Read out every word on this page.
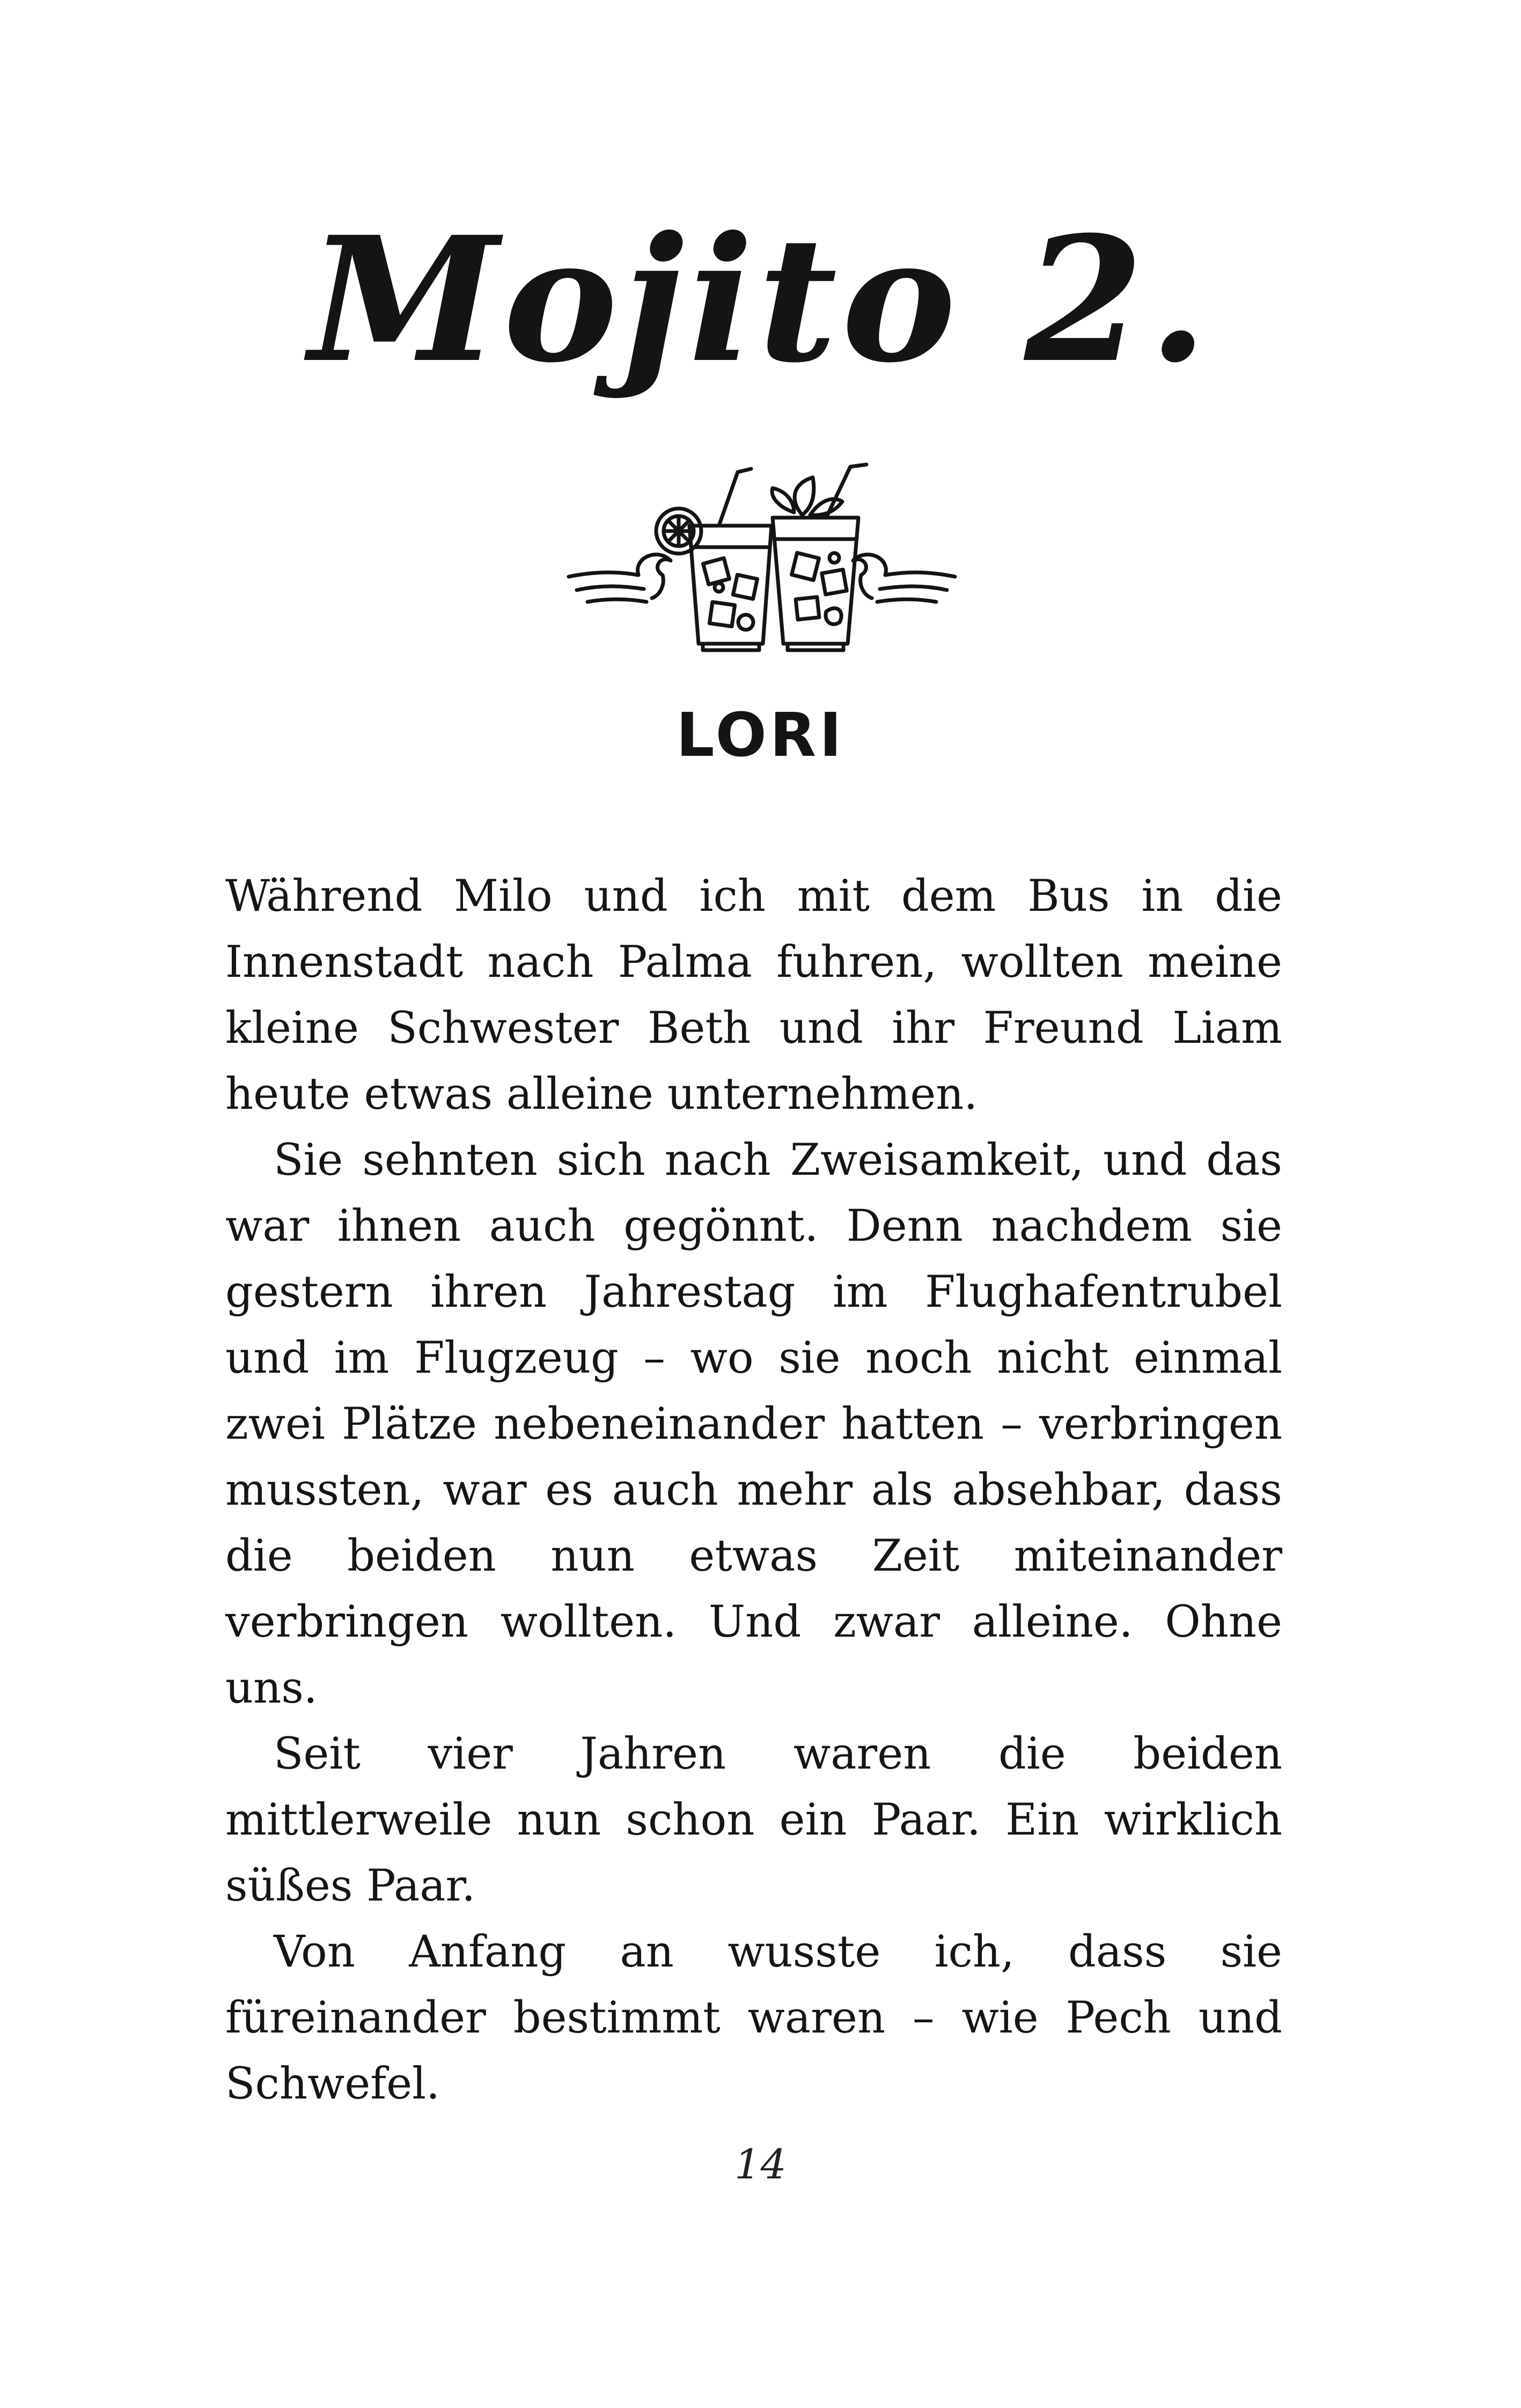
Mojito 2.
LORI

Während Milo und ich mit dem Bus in die Innenstadt nach Palma fuhren, wollten meine kleine Schwester Beth und ihr Freund Liam heute etwas alleine unternehmen.

Sie sehnten sich nach Zweisamkeit, und das war ihnen auch gegönnt. Denn nachdem sie gestern ihren Jahrestag im Flughafentrubel und im Flugzeug – wo sie noch nicht einmal zwei Plätze nebeneinander hatten – verbringen mussten, war es auch mehr als absehbar, dass die beiden nun etwas Zeit miteinander verbringen wollten. Und zwar alleine. Ohne uns.

Seit vier Jahren waren die beiden mittlerweile nun schon ein Paar. Ein wirklich süßes Paar.

Von Anfang an wusste ich, dass sie füreinander bestimmt waren – wie Pech und Schwefel.

14
